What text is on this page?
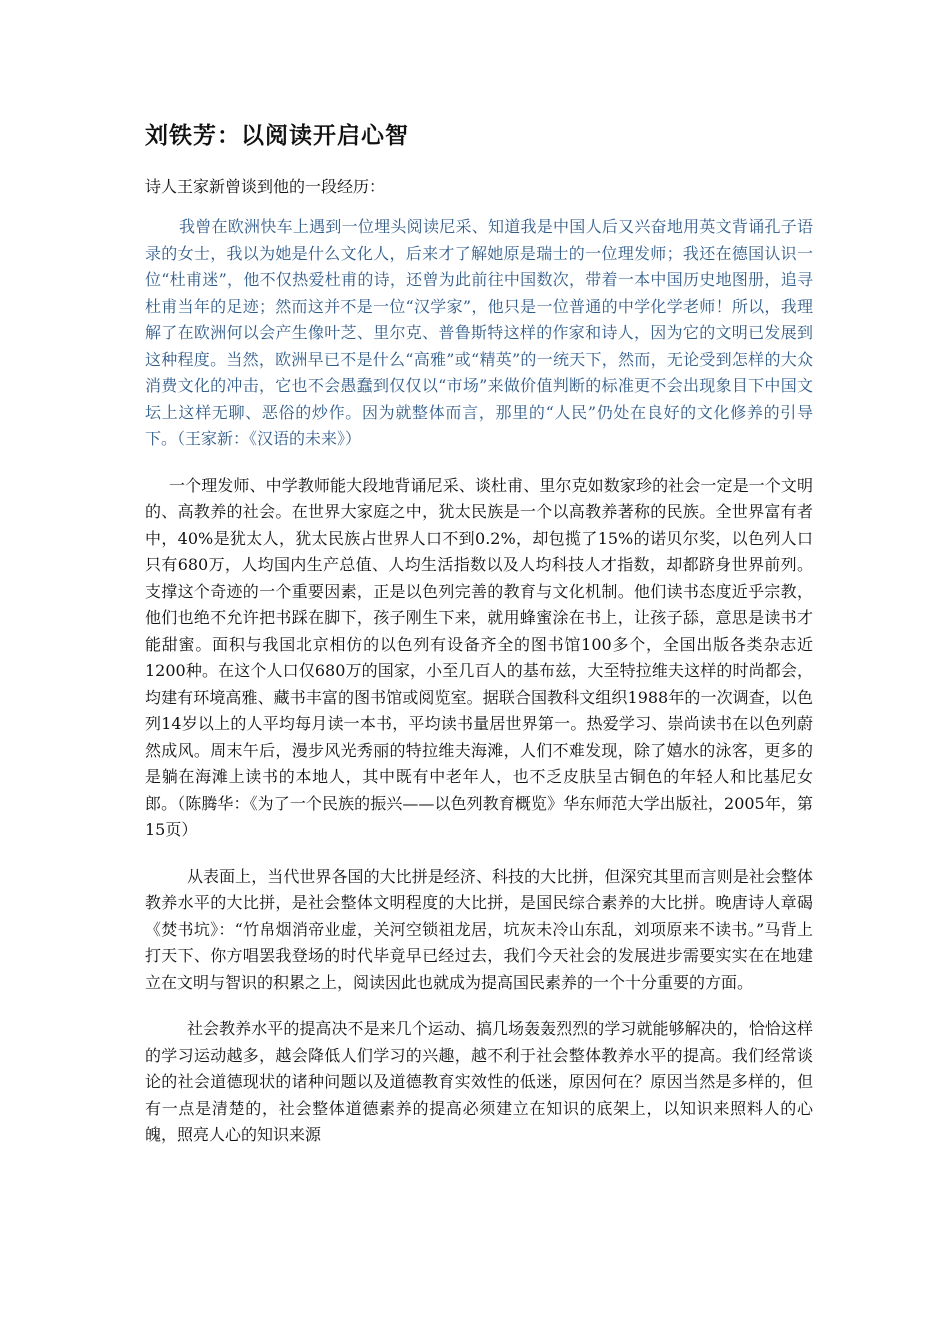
刘铁芳：以阅读开启心智

诗人王家新曾谈到他的一段经历：

我曾在欧洲快车上遇到一位埋头阅读尼采、知道我是中国人后又兴奋地用英文背诵孔子语录的女士，我以为她是什么文化人，后来才了解她原是瑞士的一位理发师；我还在德国认识一位“杜甫迷”，他不仅热爱杜甫的诗，还曾为此前往中国数次，带着一本中国历史地图册，追寻杜甫当年的足迹；然而这并不是一位“汉学家”，他只是一位普通的中学化学老师！所以，我理解了在欧洲何以会产生像叶芝、里尔克、普鲁斯特这样的作家和诗人，因为它的文明已发展到这种程度。当然，欧洲早已不是什么“高雅”或“精英”的一统天下，然而，无论受到怎样的大众消费文化的冲击，它也不会愚蠢到仅仅以“市场”来做价值判断的标准更不会出现象目下中国文坛上这样无聊、恶俗的炒作。因为就整体而言，那里的“人民”仍处在良好的文化修养的引导下。（王家新：《汉语的未来》）

一个理发师、中学教师能大段地背诵尼采、谈杜甫、里尔克如数家珍的社会一定是一个文明的、高教养的社会。在世界大家庭之中，犹太民族是一个以高教养著称的民族。全世界富有者中，40%是犹太人，犹太民族占世界人口不到0.2%，却包揽了15%的诺贝尔奖，以色列人口只有680万，人均国内生产总值、人均生活指数以及人均科技人才指数，却都跻身世界前列。支撑这个奇迹的一个重要因素，正是以色列完善的教育与文化机制。他们读书态度近乎宗教，他们也绝不允许把书踩在脚下，孩子刚生下来，就用蜂蜜涂在书上，让孩子舔，意思是读书才能甜蜜。面积与我国北京相仿的以色列有设备齐全的图书馆100多个，全国出版各类杂志近1200种。在这个人口仅680万的国家，小至几百人的基布兹，大至特拉维夫这样的时尚都会，均建有环境高雅、藏书丰富的图书馆或阅览室。据联合国教科文组织1988年的一次调查，以色列14岁以上的人平均每月读一本书，平均读书量居世界第一。热爱学习、崇尚读书在以色列蔚然成风。周末午后，漫步风光秀丽的特拉维夫海滩，人们不难发现，除了嬉水的泳客，更多的是躺在海滩上读书的本地人，其中既有中老年人，也不乏皮肤呈古铜色的年轻人和比基尼女郎。（陈腾华：《为了一个民族的振兴——以色列教育概览》华东师范大学出版社，2005年，第15页）

从表面上，当代世界各国的大比拼是经济、科技的大比拼，但深究其里而言则是社会整体教养水平的大比拼，是社会整体文明程度的大比拼，是国民综合素养的大比拼。晚唐诗人章碣《焚书坑》：“竹帛烟消帝业虚，关河空锁祖龙居，坑灰未冷山东乱，刘项原来不读书。”马背上打天下、你方唱罢我登场的时代毕竟早已经过去，我们今天社会的发展进步需要实实在在地建立在文明与智识的积累之上，阅读因此也就成为提高国民素养的一个十分重要的方面。

社会教养水平的提高决不是来几个运动、搞几场轰轰烈烈的学习就能够解决的，恰恰这样的学习运动越多，越会降低人们学习的兴趣，越不利于社会整体教养水平的提高。我们经常谈论的社会道德现状的诸种问题以及道德教育实效性的低迷，原因何在？原因当然是多样的，但有一点是清楚的，社会整体道德素养的提高必须建立在知识的底架上，以知识来照料人的心魄，照亮人心的知识来源
